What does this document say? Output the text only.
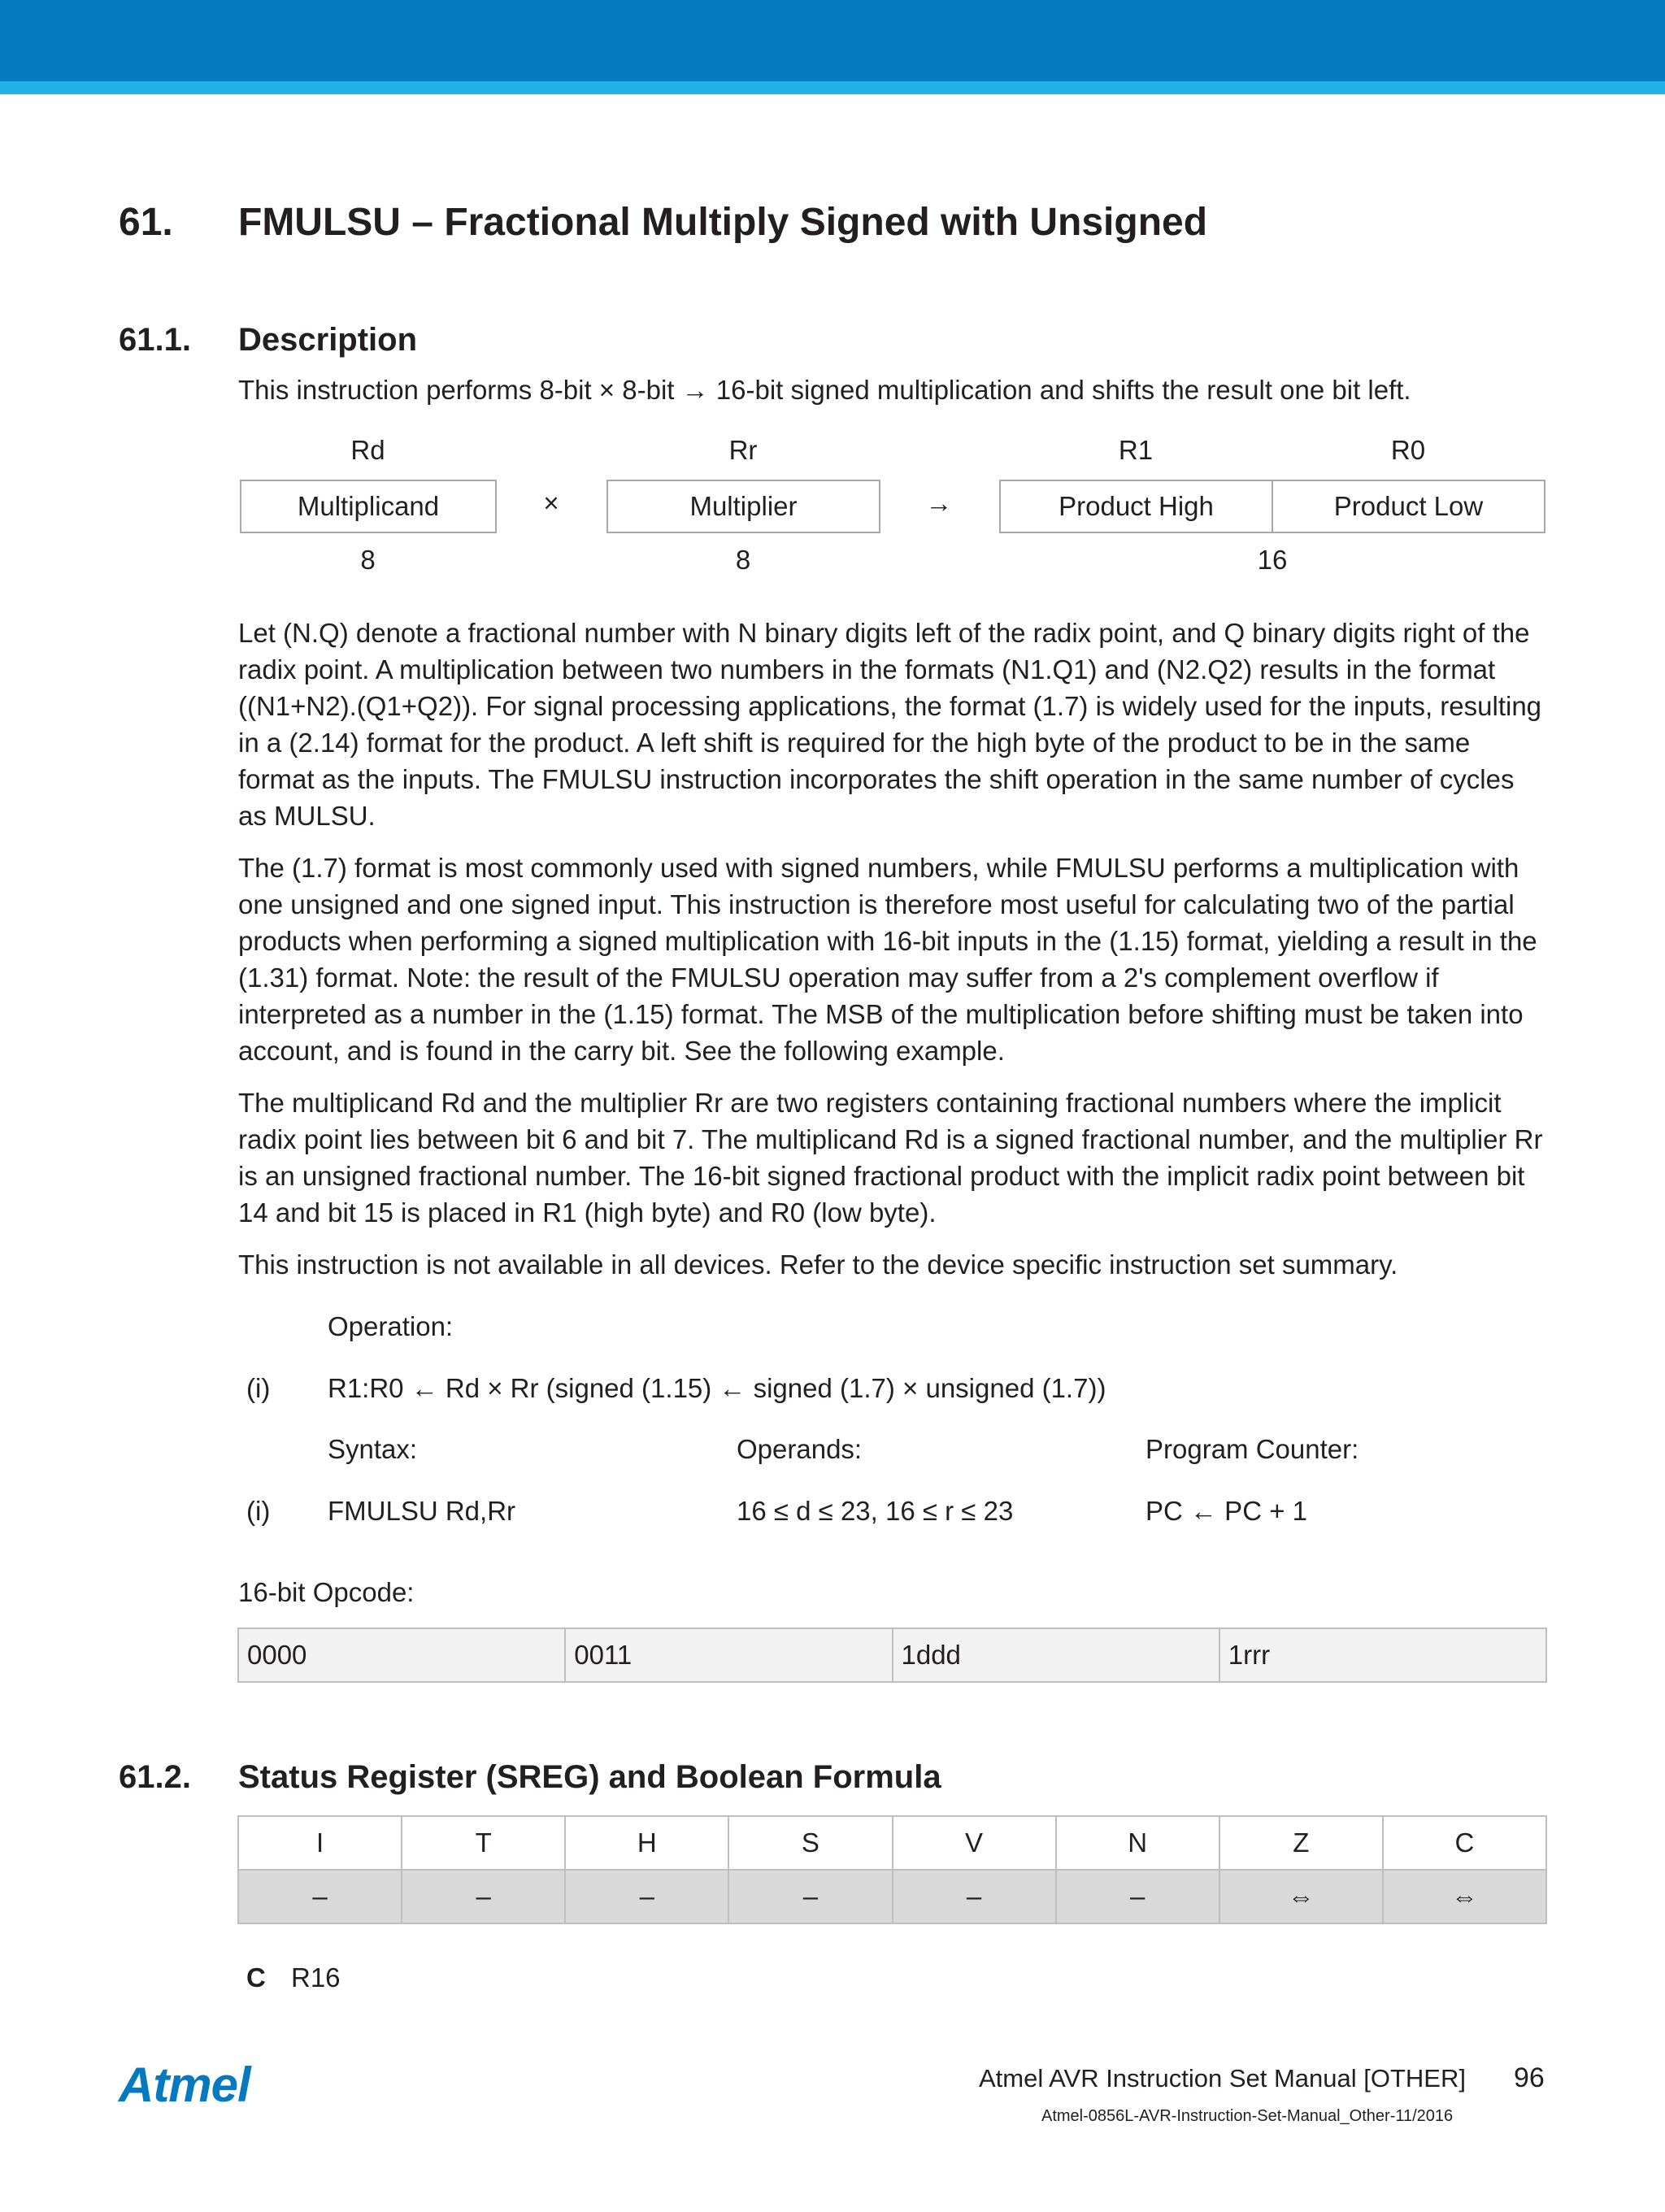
61. FMULSU – Fractional Multiply Signed with Unsigned
61.1. Description
This instruction performs 8-bit × 8-bit → 16-bit signed multiplication and shifts the result one bit left.
Rd	Rr	R1	R0
Multiplicand	×	Multiplier	→	Product High	Product Low
8	8	16
Let (N.Q) denote a fractional number with N binary digits left of the radix point, and Q binary digits right of the radix point. A multiplication between two numbers in the formats (N1.Q1) and (N2.Q2) results in the format ((N1+N2).(Q1+Q2)). For signal processing applications, the format (1.7) is widely used for the inputs, resulting in a (2.14) format for the product. A left shift is required for the high byte of the product to be in the same format as the inputs. The FMULSU instruction incorporates the shift operation in the same number of cycles as MULSU.
The (1.7) format is most commonly used with signed numbers, while FMULSU performs a multiplication with one unsigned and one signed input. This instruction is therefore most useful for calculating two of the partial products when performing a signed multiplication with 16-bit inputs in the (1.15) format, yielding a result in the (1.31) format. Note: the result of the FMULSU operation may suffer from a 2's complement overflow if interpreted as a number in the (1.15) format. The MSB of the multiplication before shifting must be taken into account, and is found in the carry bit. See the following example.
The multiplicand Rd and the multiplier Rr are two registers containing fractional numbers where the implicit radix point lies between bit 6 and bit 7. The multiplicand Rd is a signed fractional number, and the multiplier Rr is an unsigned fractional number. The 16-bit signed fractional product with the implicit radix point between bit 14 and bit 15 is placed in R1 (high byte) and R0 (low byte).
This instruction is not available in all devices. Refer to the device specific instruction set summary.
Operation:
(i) R1:R0 ← Rd × Rr (signed (1.15) ← signed (1.7) × unsigned (1.7))
Syntax:	Operands:	Program Counter:
(i) FMULSU Rd,Rr	16 ≤ d ≤ 23, 16 ≤ r ≤ 23	PC ← PC + 1
16-bit Opcode:
0000	0011	1ddd	1rrr
61.2. Status Register (SREG) and Boolean Formula
I	T	H	S	V	N	Z	C
–	–	–	–	–	–	⇔	⇔
C R16
Atmel	Atmel AVR Instruction Set Manual [OTHER] 96
Atmel-0856L-AVR-Instruction-Set-Manual_Other-11/2016
